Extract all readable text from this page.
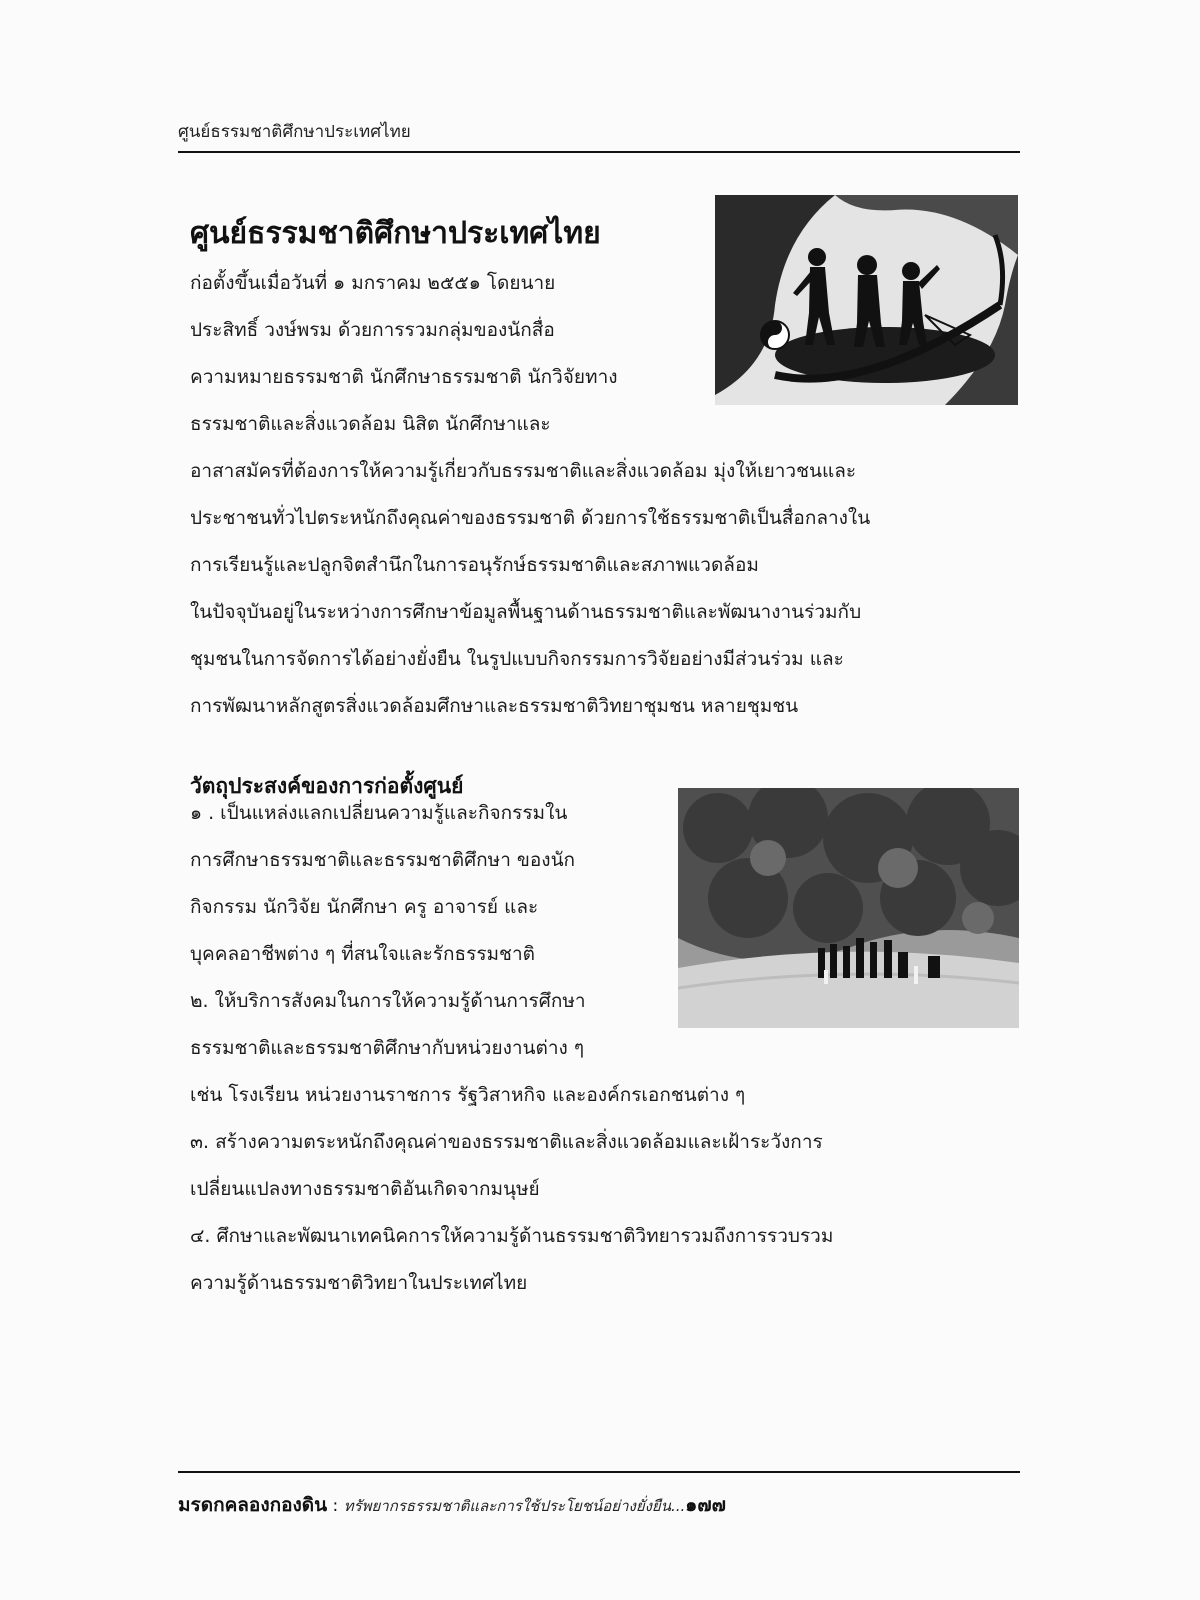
ศูนย์ธรรมชาติศึกษาประเทศไทย
ศูนย์ธรรมชาติศึกษาประเทศไทย
ก่อตั้งขึ้นเมื่อวันที่ ๑ มกราคม ๒๕๕๑ โดยนาย
ประสิทธิ์ วงษ์พรม ด้วยการรวมกลุ่มของนักสื่อ
ความหมายธรรมชาติ นักศึกษาธรรมชาติ นักวิจัยทาง
ธรรมชาติและสิ่งแวดล้อม นิสิต นักศึกษาและ
อาสาสมัครที่ต้องการให้ความรู้เกี่ยวกับธรรมชาติและสิ่งแวดล้อม มุ่งให้เยาวชนและ
ประชาชนทั่วไปตระหนักถึงคุณค่าของธรรมชาติ ด้วยการใช้ธรรมชาติเป็นสื่อกลางใน
การเรียนรู้และปลูกจิตสำนึกในการอนุรักษ์ธรรมชาติและสภาพแวดล้อม
ในปัจจุบันอยู่ในระหว่างการศึกษาข้อมูลพื้นฐานด้านธรรมชาติและพัฒนางานร่วมกับ
ชุมชนในการจัดการได้อย่างยั่งยืน ในรูปแบบกิจกรรมการวิจัยอย่างมีส่วนร่วม และ
การพัฒนาหลักสูตรสิ่งแวดล้อมศึกษาและธรรมชาติวิทยาชุมชน หลายชุมชน
วัตถุประสงค์ของการก่อตั้งศูนย์
๑ . เป็นแหล่งแลกเปลี่ยนความรู้และกิจกรรมใน
การศึกษาธรรมชาติและธรรมชาติศึกษา ของนัก
กิจกรรม นักวิจัย นักศึกษา ครู อาจารย์ และ
บุคคลอาชีพต่าง ๆ ที่สนใจและรักธรรมชาติ
๒. ให้บริการสังคมในการให้ความรู้ด้านการศึกษา
ธรรมชาติและธรรมชาติศึกษากับหน่วยงานต่าง ๆ
เช่น โรงเรียน หน่วยงานราชการ รัฐวิสาหกิจ และองค์กรเอกชนต่าง ๆ
๓. สร้างความตระหนักถึงคุณค่าของธรรมชาติและสิ่งแวดล้อมและเฝ้าระวังการ
เปลี่ยนแปลงทางธรรมชาติอันเกิดจากมนุษย์
๔. ศึกษาและพัฒนาเทคนิคการให้ความรู้ด้านธรรมชาติวิทยารวมถึงการรวบรวม
ความรู้ด้านธรรมชาติวิทยาในประเทศไทย
มรดกคลองกองดิน : ทรัพยากรธรรมชาติและการใช้ประโยชน์อย่างยั่งยืน...๑๗๗
